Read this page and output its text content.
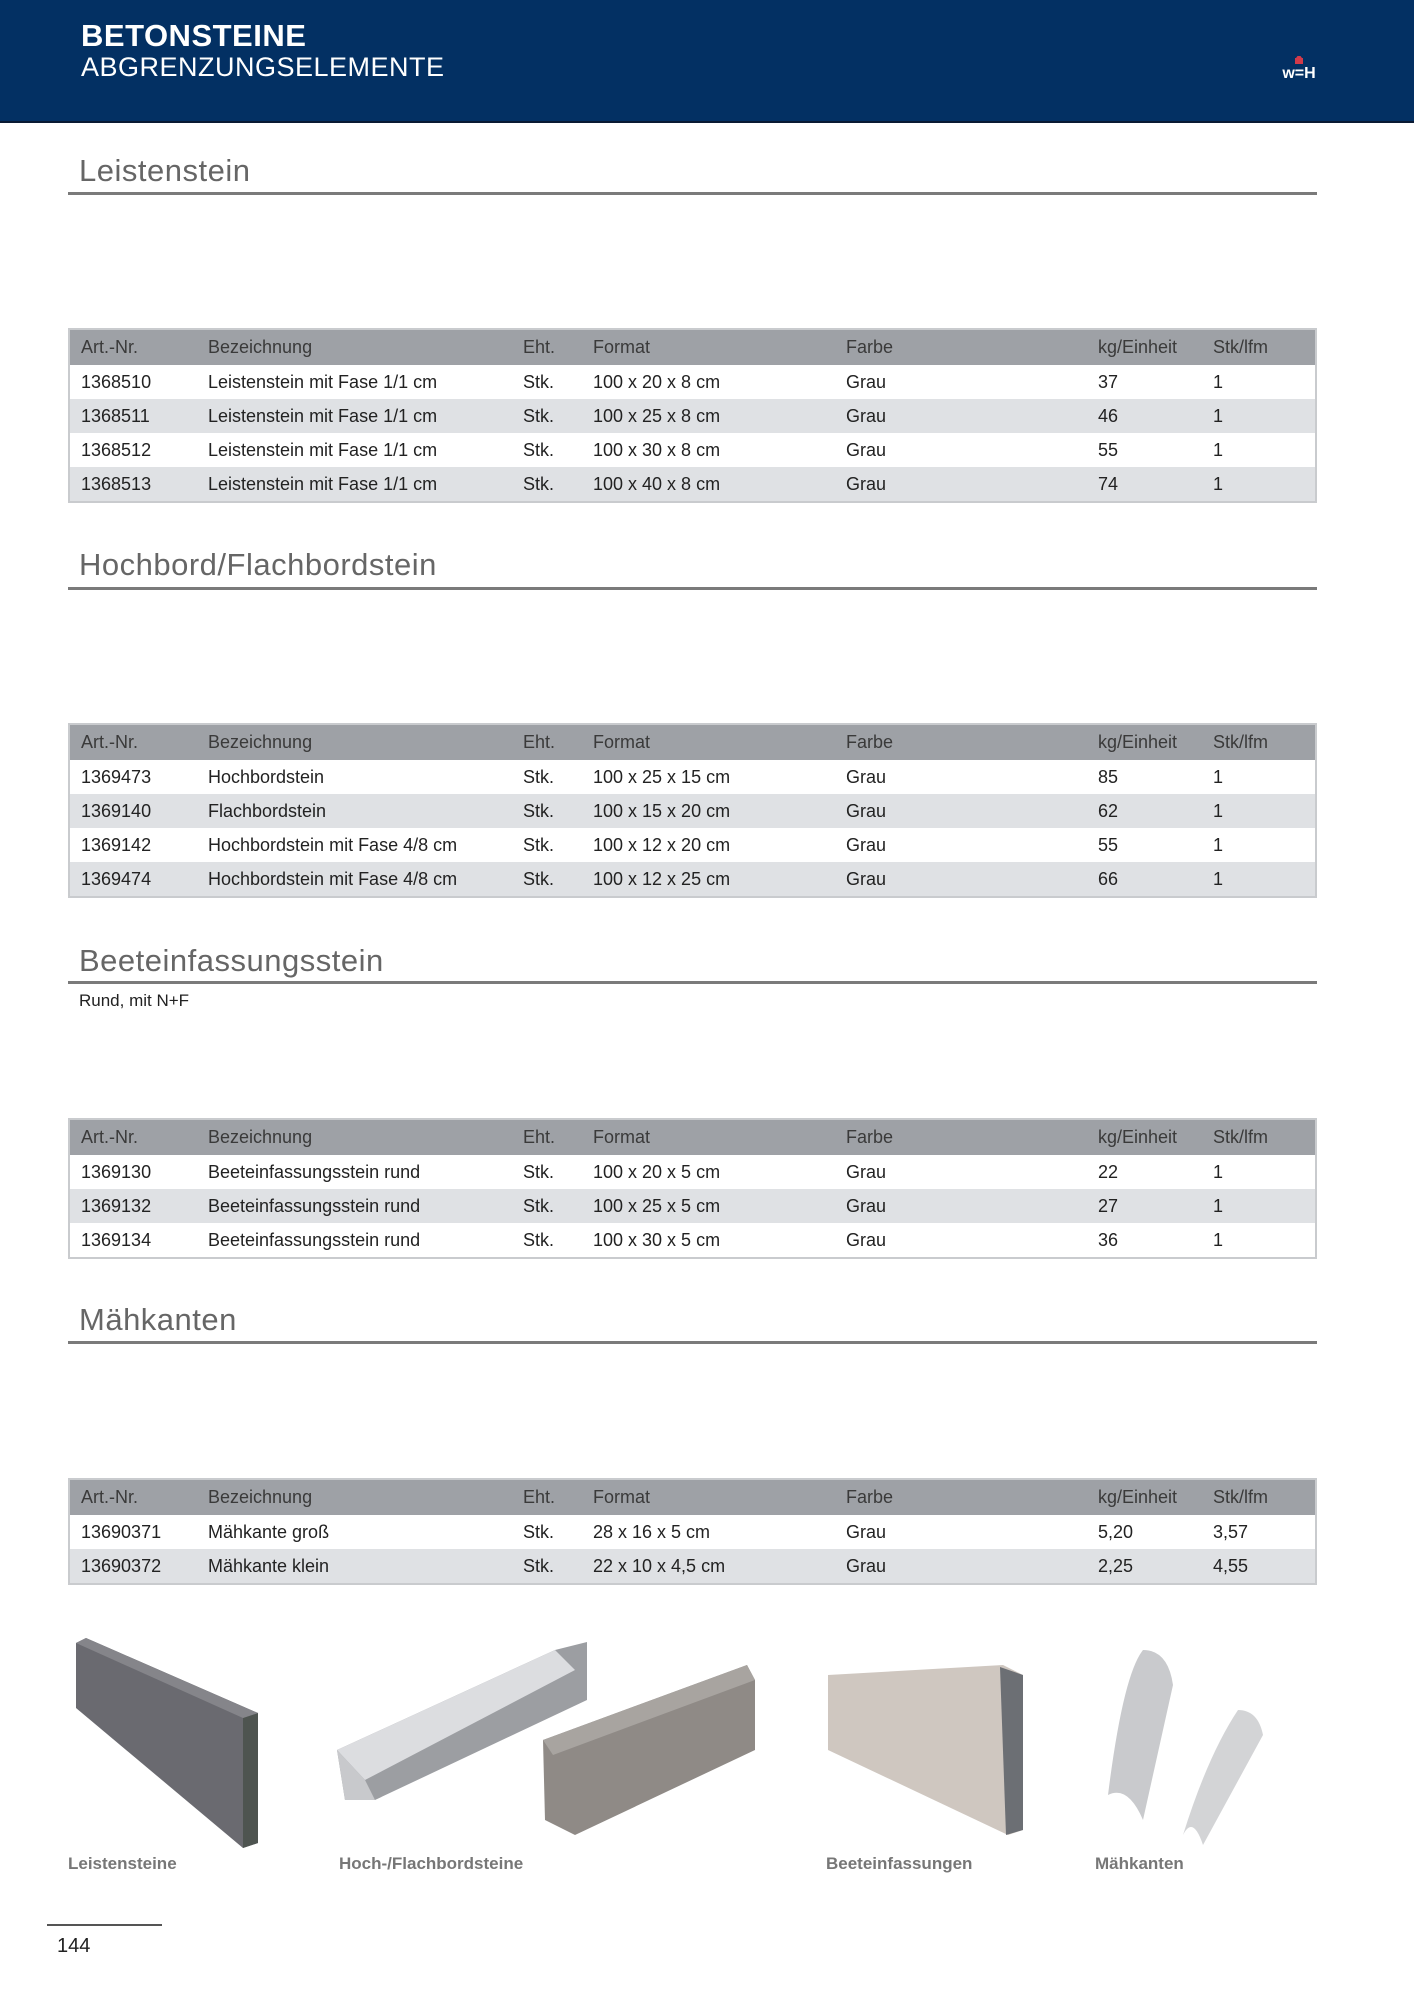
BETONSTEINE
ABGRENZUNGSELEMENTE	w=H
Leistenstein
Art.-Nr.	Bezeichnung	Eht.	Format	Farbe	kg/Einheit	Stk/lfm
1368510	Leistenstein mit Fase 1/1 cm	Stk.	100 x 20 x 8 cm	Grau	37	1
1368511	Leistenstein mit Fase 1/1 cm	Stk.	100 x 25 x 8 cm	Grau	46	1
1368512	Leistenstein mit Fase 1/1 cm	Stk.	100 x 30 x 8 cm	Grau	55	1
1368513	Leistenstein mit Fase 1/1 cm	Stk.	100 x 40 x 8 cm	Grau	74	1
Hochbord/Flachbordstein
Art.-Nr.	Bezeichnung	Eht.	Format	Farbe	kg/Einheit	Stk/lfm
1369473	Hochbordstein	Stk.	100 x 25 x 15 cm	Grau	85	1
1369140	Flachbordstein	Stk.	100 x 15 x 20 cm	Grau	62	1
1369142	Hochbordstein mit Fase 4/8 cm	Stk.	100 x 12 x 20 cm	Grau	55	1
1369474	Hochbordstein mit Fase 4/8 cm	Stk.	100 x 12 x 25 cm	Grau	66	1
Beeteinfassungsstein
Rund, mit N+F
Art.-Nr.	Bezeichnung	Eht.	Format	Farbe	kg/Einheit	Stk/lfm
1369130	Beeteinfassungsstein rund	Stk.	100 x 20 x 5 cm	Grau	22	1
1369132	Beeteinfassungsstein rund	Stk.	100 x 25 x 5 cm	Grau	27	1
1369134	Beeteinfassungsstein rund	Stk.	100 x 30 x 5 cm	Grau	36	1
Mähkanten
Art.-Nr.	Bezeichnung	Eht.	Format	Farbe	kg/Einheit	Stk/lfm
13690371	Mähkante groß	Stk.	28 x 16 x 5 cm	Grau	5,20	3,57
13690372	Mähkante klein	Stk.	22 x 10 x 4,5 cm	Grau	2,25	4,55
Leistensteine	Hoch-/Flachbordsteine	Beeteinfassungen	Mähkanten
144
